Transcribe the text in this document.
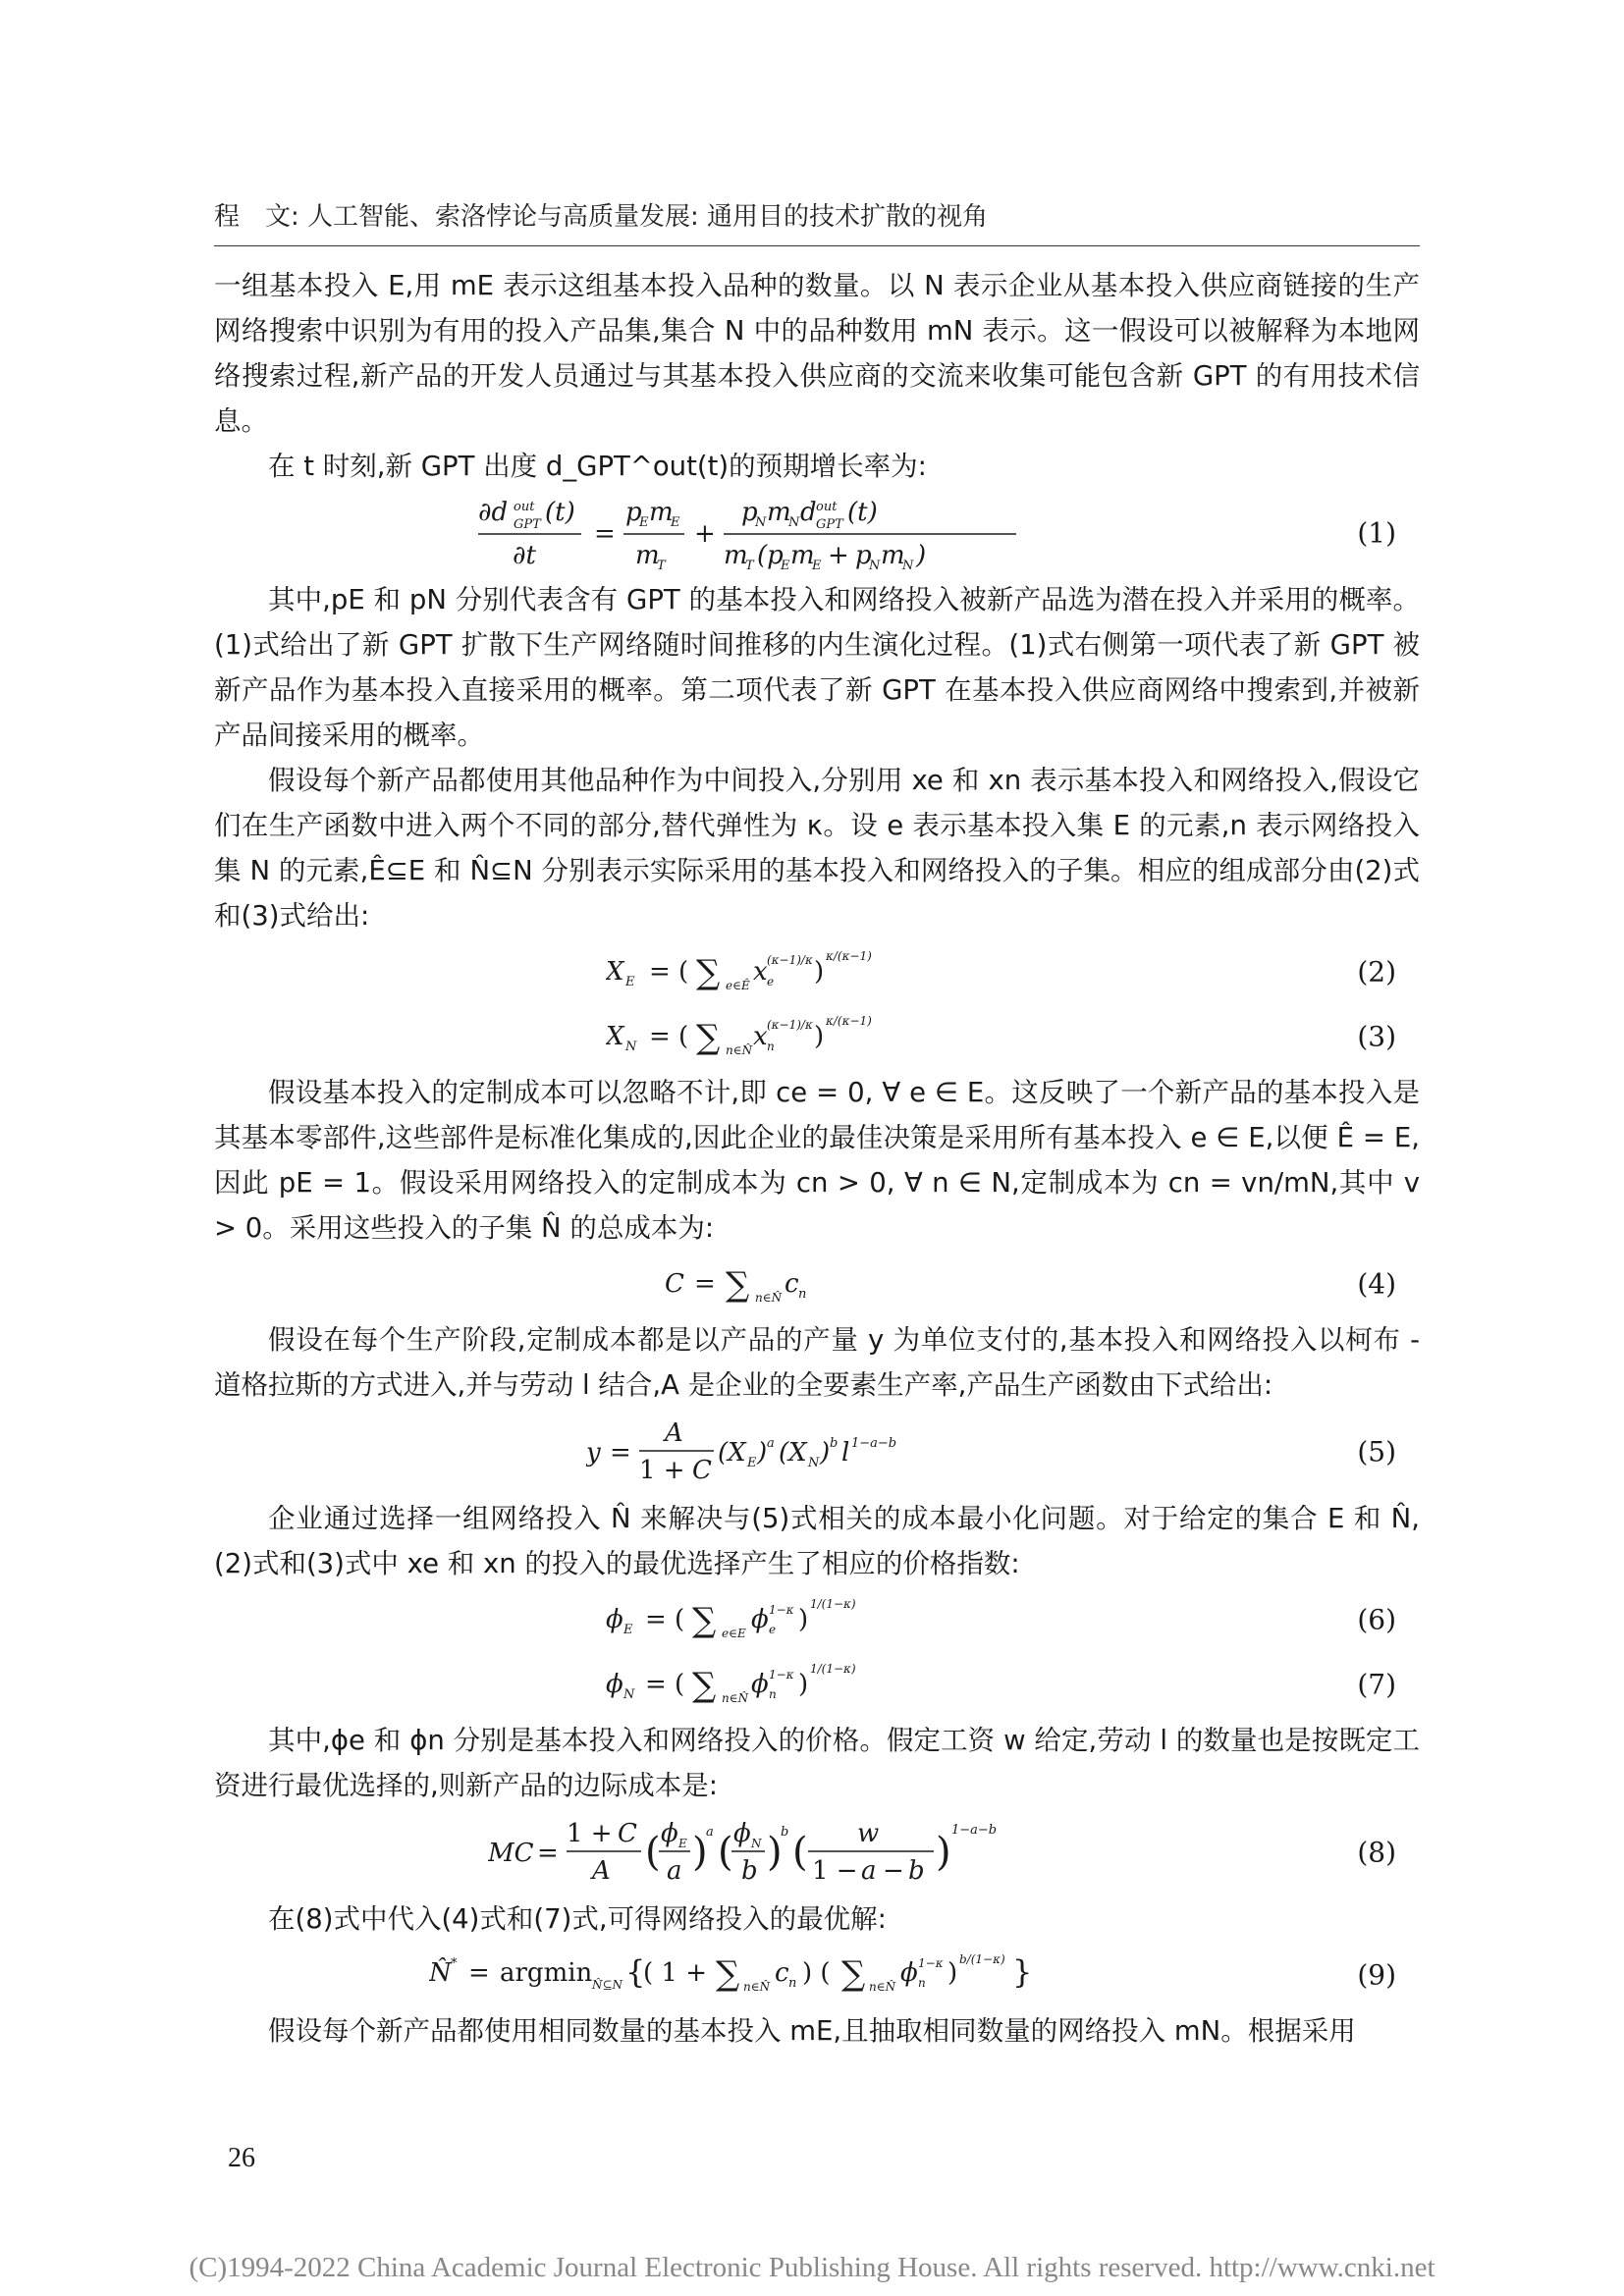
程　文: 人工智能、索洛悖论与高质量发展: 通用目的技术扩散的视角

一组基本投入 E,用 mE 表示这组基本投入品种的数量。以 N 表示企业从基本投入供应商链接的生产网络搜索中识别为有用的投入产品集,集合 N 中的品种数用 mN 表示。这一假设可以被解释为本地网络搜索过程,新产品的开发人员通过与其基本投入供应商的交流来收集可能包含新 GPT 的有用技术信息。

在 t 时刻,新 GPT 出度 d_GPT^out(t)的预期增长率为:

∂d out
GPT (t)
∂t
=
p
E m
E
m
T
+
p
N m
N d out
GPT (t)
m
T (p
E m
E + p
N m
N )
(1)

其中,pE 和 pN 分别代表含有 GPT 的基本投入和网络投入被新产品选为潜在投入并采用的概率。(1)式给出了新 GPT 扩散下生产网络随时间推移的内生演化过程。(1)式右侧第一项代表了新 GPT 被新产品作为基本投入直接采用的概率。第二项代表了新 GPT 在基本投入供应商网络中搜索到,并被新产品间接采用的概率。

假设每个新产品都使用其他品种作为中间投入,分别用 xe 和 xn 表示基本投入和网络投入,假设它们在生产函数中进入两个不同的部分,替代弹性为 κ。设 e 表示基本投入集 E 的元素,n 表示网络投入集 N 的元素,Ê⊆E 和 N̂⊆N 分别表示实际采用的基本投入和网络投入的子集。相应的组成部分由(2)式和(3)式给出:

X E = ( ∑ e∈Ê x e
(κ−1)/κ )
κ/(κ−1)	(2)
X N = ( ∑ n∈N̂ x n
(κ−1)/κ )
κ/(κ−1)	(3)

假设基本投入的定制成本可以忽略不计,即 ce = 0, ∀ e ∈ E。这反映了一个新产品的基本投入是其基本零部件,这些部件是标准化集成的,因此企业的最佳决策是采用所有基本投入 e ∈ E,以便 Ê = E,因此 pE = 1。假设采用网络投入的定制成本为 cn > 0, ∀ n ∈ N,定制成本为 cn = vn/mN,其中 v > 0。采用这些投入的子集 N̂ 的总成本为:

C = ∑ n∈N̂ c n	(4)

假设在每个生产阶段,定制成本都是以产品的产量 y 为单位支付的,基本投入和网络投入以柯布 - 道格拉斯的方式进入,并与劳动 l 结合,A 是企业的全要素生产率,产品生产函数由下式给出:

y =
A
1 + C
(X E ) a (X N ) b l 1−a−b	(5)

企业通过选择一组网络投入 N̂ 来解决与(5)式相关的成本最小化问题。对于给定的集合 E 和 N̂,(2)式和(3)式中 xe 和 xn 的投入的最优选择产生了相应的价格指数:

ϕ E = ( ∑ e∈E ϕ e
1−κ )
1/(1−κ)	(6)
ϕ N = ( ∑ n∈N̂ ϕ n
1−κ )
1/(1−κ)	(7)

其中,ϕe 和 ϕn 分别是基本投入和网络投入的价格。假定工资 w 给定,劳动 l 的数量也是按既定工资进行最优选择的,则新产品的边际成本是:

MC =
1 + C
A ( ϕ E
a )
a ( ϕ N
b )
b ( w
1 − a − b ) 1−a−b
(8)

在(8)式中代入(4)式和(7)式,可得网络投入的最优解:

N̂ * = argmin N̂⊆N {
( 1 + ∑ n∈N̂ c n ) ( ∑ n∈N̂ ϕ n
1−κ ) b/(1−κ) }	(9)

假设每个新产品都使用相同数量的基本投入 mE,且抽取相同数量的网络投入 mN。根据采用

26
(C)1994-2022 China Academic Journal Electronic Publishing House. All rights reserved. http://www.cnki.net
